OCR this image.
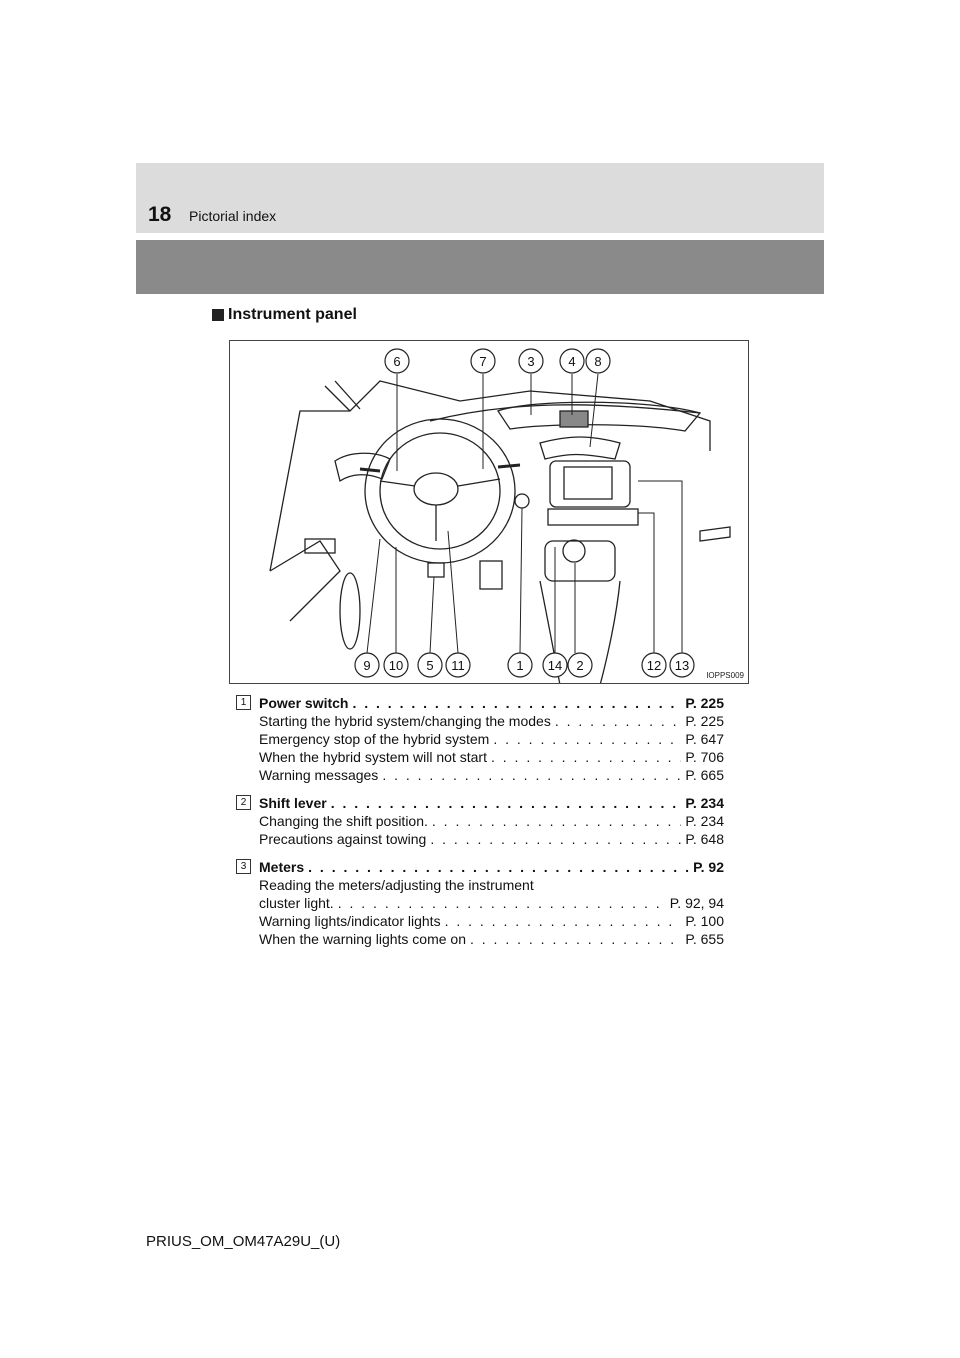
18 Pictorial index
Instrument panel
6	7	3	4 8
9 10 5 11	1 14 2	12 13
IOPPS009
1 Power switch . . .	P. 225
Starting the hybrid system/changing the modes . . .	P. 225
Emergency stop of the hybrid system . . .	P. 647
When the hybrid system will not start . . .	P. 706
Warning messages . . .	P. 665
2 Shift lever . . .	P. 234
Changing the shift position. . . .	P. 234
Precautions against towing . . .	P. 648
3 Meters . . .	P. 92
Reading the meters/adjusting the instrument
cluster light. . . .	P. 92, 94
Warning lights/indicator lights . . .	P. 100
When the warning lights come on . . .	P. 655
PRIUS_OM_OM47A29U_(U)
